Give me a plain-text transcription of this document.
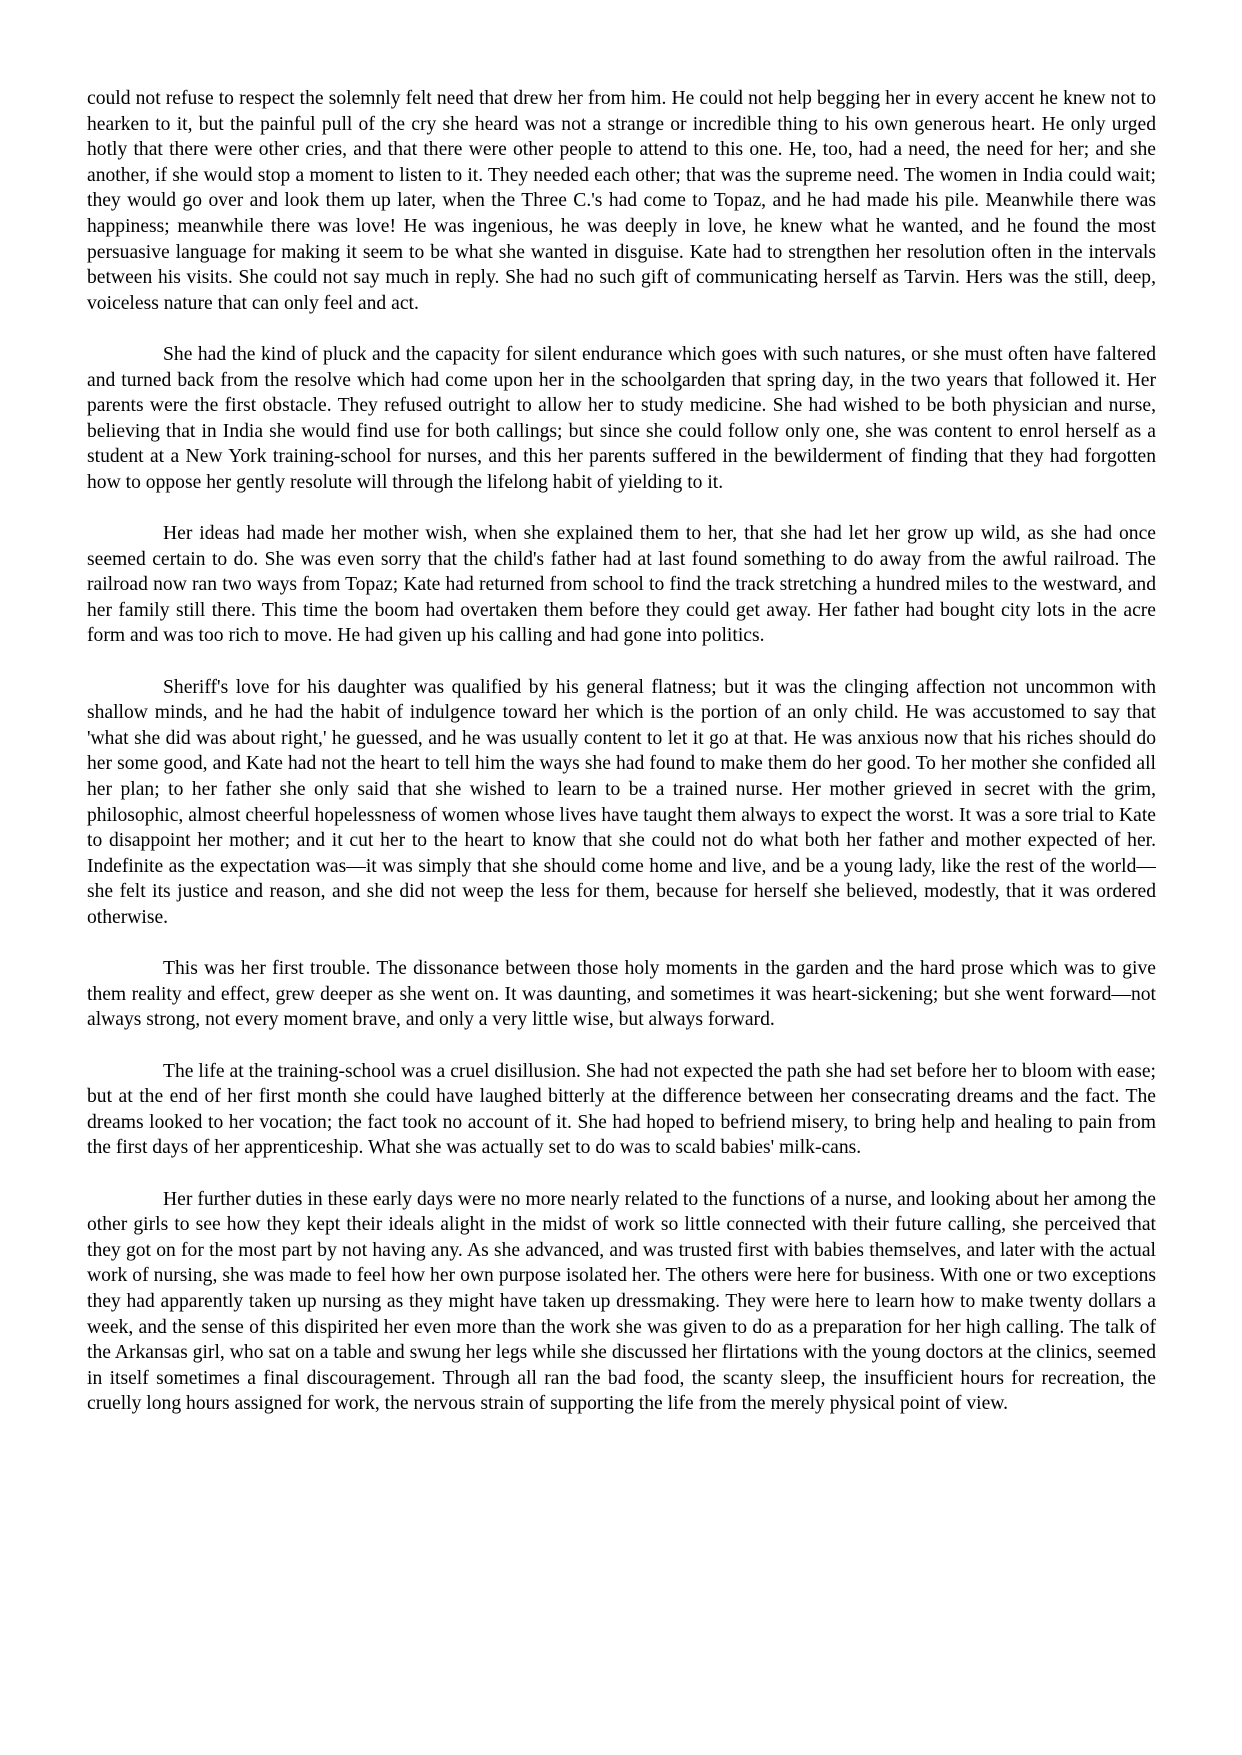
could not refuse to respect the solemnly felt need that drew her from him. He could not help begging her in every accent he knew not to hearken to it, but the painful pull of the cry she heard was not a strange or incredible thing to his own generous heart. He only urged hotly that there were other cries, and that there were other people to attend to this one. He, too, had a need, the need for her; and she another, if she would stop a moment to listen to it. They needed each other; that was the supreme need. The women in India could wait; they would go over and look them up later, when the Three C.'s had come to Topaz, and he had made his pile. Meanwhile there was happiness; meanwhile there was love! He was ingenious, he was deeply in love, he knew what he wanted, and he found the most persuasive language for making it seem to be what she wanted in disguise. Kate had to strengthen her resolution often in the intervals between his visits. She could not say much in reply. She had no such gift of communicating herself as Tarvin. Hers was the still, deep, voiceless nature that can only feel and act.

She had the kind of pluck and the capacity for silent endurance which goes with such natures, or she must often have faltered and turned back from the resolve which had come upon her in the schoolgarden that spring day, in the two years that followed it. Her parents were the first obstacle. They refused outright to allow her to study medicine. She had wished to be both physician and nurse, believing that in India she would find use for both callings; but since she could follow only one, she was content to enrol herself as a student at a New York training-school for nurses, and this her parents suffered in the bewilderment of finding that they had forgotten how to oppose her gently resolute will through the lifelong habit of yielding to it.

Her ideas had made her mother wish, when she explained them to her, that she had let her grow up wild, as she had once seemed certain to do. She was even sorry that the child's father had at last found something to do away from the awful railroad. The railroad now ran two ways from Topaz; Kate had returned from school to find the track stretching a hundred miles to the westward, and her family still there. This time the boom had overtaken them before they could get away. Her father had bought city lots in the acre form and was too rich to move. He had given up his calling and had gone into politics.

Sheriff's love for his daughter was qualified by his general flatness; but it was the clinging affection not uncommon with shallow minds, and he had the habit of indulgence toward her which is the portion of an only child. He was accustomed to say that 'what she did was about right,' he guessed, and he was usually content to let it go at that. He was anxious now that his riches should do her some good, and Kate had not the heart to tell him the ways she had found to make them do her good. To her mother she confided all her plan; to her father she only said that she wished to learn to be a trained nurse. Her mother grieved in secret with the grim, philosophic, almost cheerful hopelessness of women whose lives have taught them always to expect the worst. It was a sore trial to Kate to disappoint her mother; and it cut her to the heart to know that she could not do what both her father and mother expected of her. Indefinite as the expectation was—it was simply that she should come home and live, and be a young lady, like the rest of the world—she felt its justice and reason, and she did not weep the less for them, because for herself she believed, modestly, that it was ordered otherwise.

This was her first trouble. The dissonance between those holy moments in the garden and the hard prose which was to give them reality and effect, grew deeper as she went on. It was daunting, and sometimes it was heart-sickening; but she went forward—not always strong, not every moment brave, and only a very little wise, but always forward.

The life at the training-school was a cruel disillusion. She had not expected the path she had set before her to bloom with ease; but at the end of her first month she could have laughed bitterly at the difference between her consecrating dreams and the fact. The dreams looked to her vocation; the fact took no account of it. She had hoped to befriend misery, to bring help and healing to pain from the first days of her apprenticeship. What she was actually set to do was to scald babies' milk-cans.

Her further duties in these early days were no more nearly related to the functions of a nurse, and looking about her among the other girls to see how they kept their ideals alight in the midst of work so little connected with their future calling, she perceived that they got on for the most part by not having any. As she advanced, and was trusted first with babies themselves, and later with the actual work of nursing, she was made to feel how her own purpose isolated her. The others were here for business. With one or two exceptions they had apparently taken up nursing as they might have taken up dressmaking. They were here to learn how to make twenty dollars a week, and the sense of this dispirited her even more than the work she was given to do as a preparation for her high calling. The talk of the Arkansas girl, who sat on a table and swung her legs while she discussed her flirtations with the young doctors at the clinics, seemed in itself sometimes a final discouragement. Through all ran the bad food, the scanty sleep, the insufficient hours for recreation, the cruelly long hours assigned for work, the nervous strain of supporting the life from the merely physical point of view.
